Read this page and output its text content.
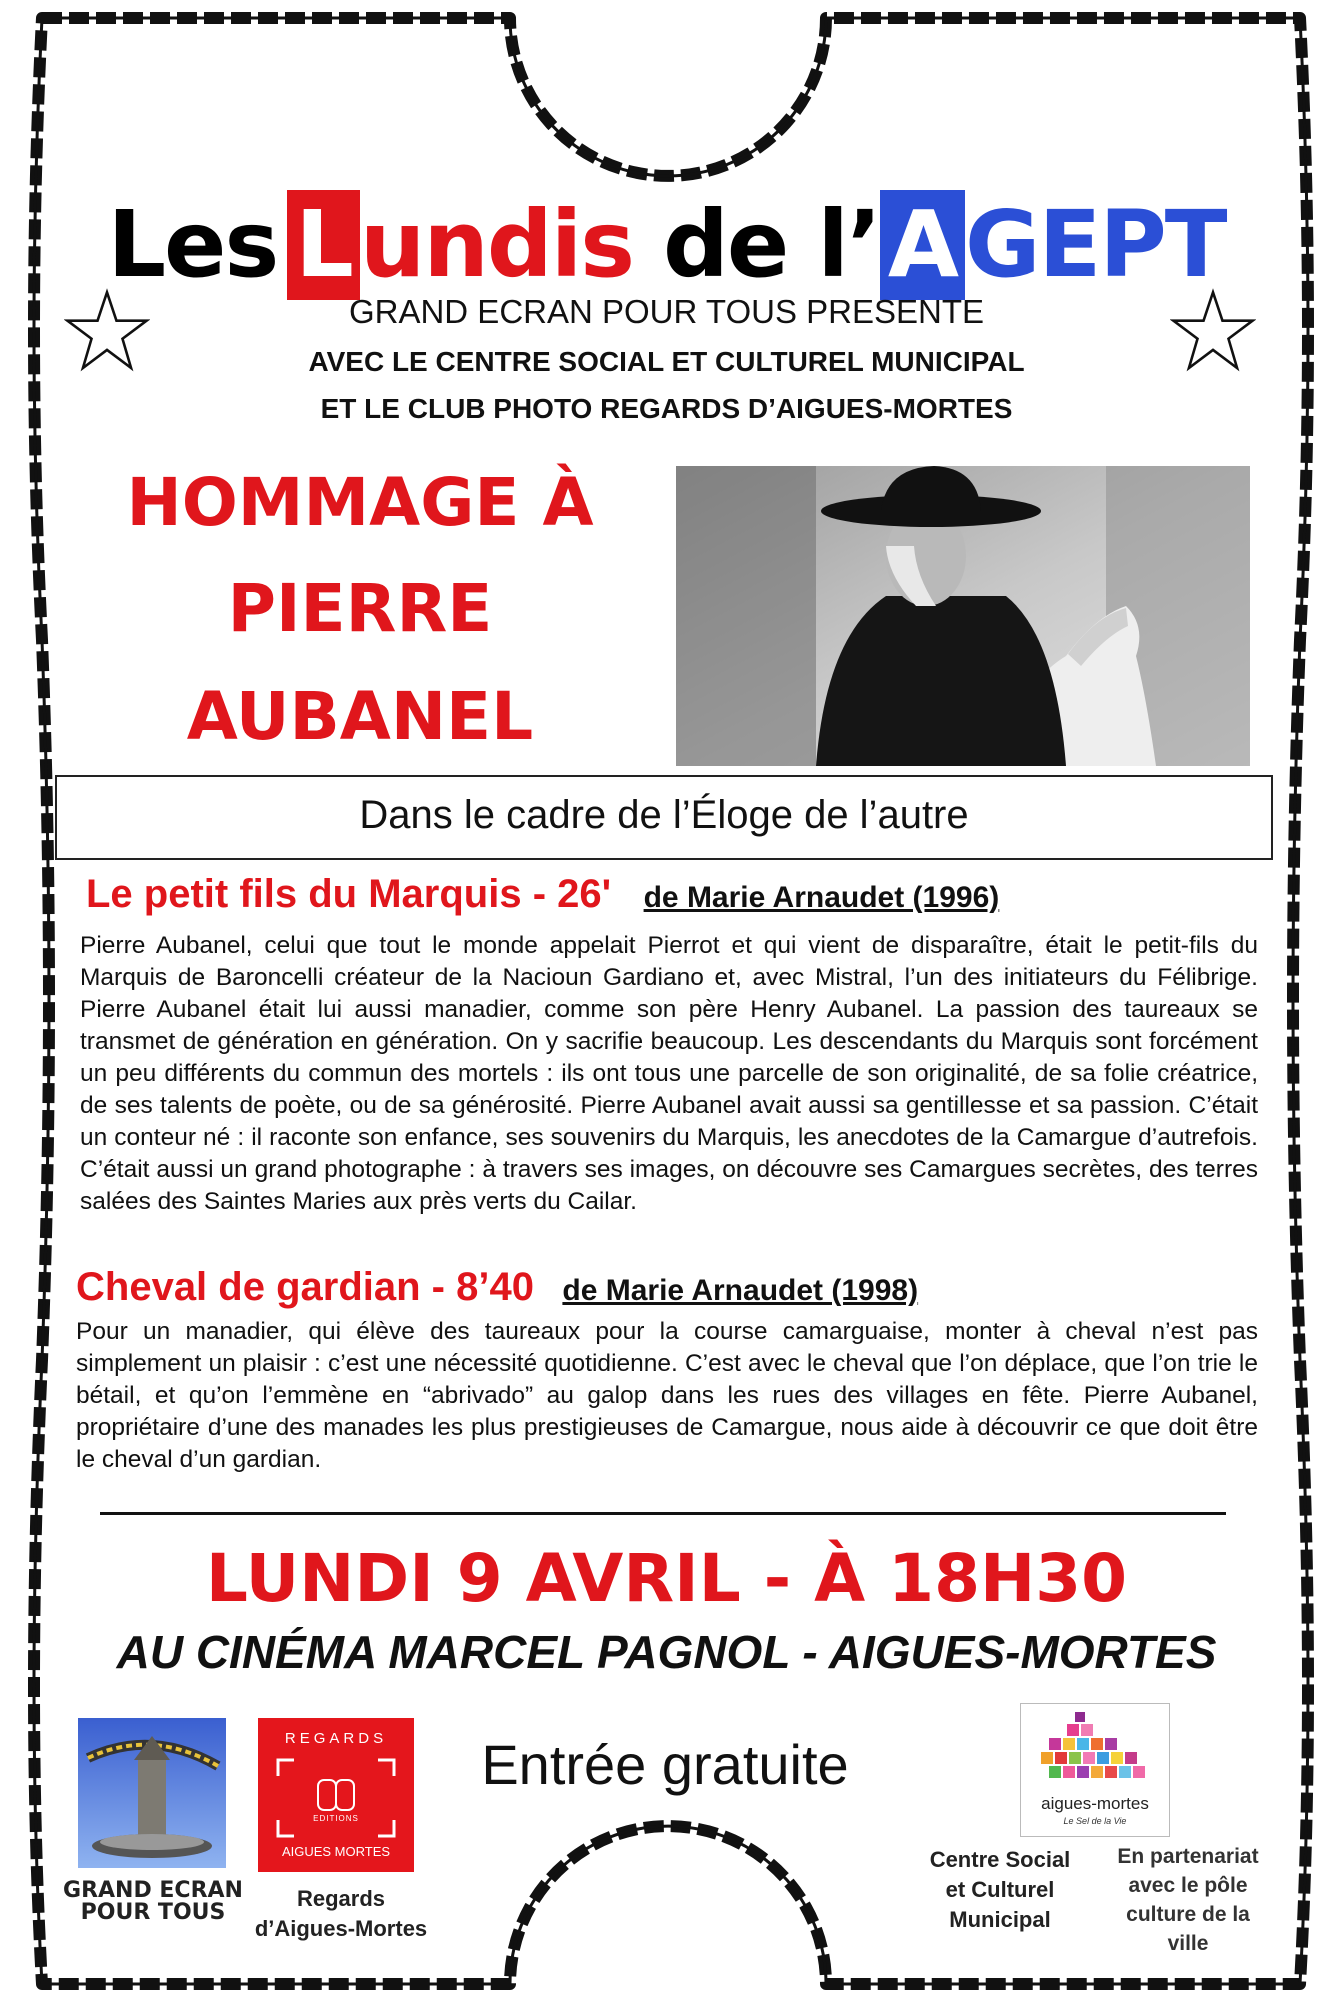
Les Lundis de l’AGEPT
GRAND ECRAN POUR TOUS PRESENTE
AVEC LE CENTRE SOCIAL ET CULTUREL MUNICIPAL
ET LE CLUB PHOTO REGARDS D’AIGUES-MORTES
HOMMAGE À
PIERRE
AUBANEL
Dans le cadre de l’Éloge de l’autre
Le petit fils du Marquis - 26' de Marie Arnaudet (1996)
Pierre Aubanel, celui que tout le monde appelait Pierrot et qui vient de disparaître, était le petit-fils du Marquis de Baroncelli créateur de la Nacioun Gardiano et, avec Mistral, l’un des initiateurs du Félibrige. Pierre Aubanel était lui aussi manadier, comme son père Henry Aubanel. La passion des taureaux se transmet de génération en génération. On y sacrifie beaucoup. Les descendants du Marquis sont forcément un peu différents du commun des mortels : ils ont tous une parcelle de son originalité, de sa folie créatrice, de ses talents de poète, ou de sa générosité. Pierre Aubanel avait aussi sa gentillesse et sa passion. C’était un conteur né : il raconte son enfance, ses souvenirs du Marquis, les anecdotes de la Camargue d’autrefois. C’était aussi un grand photographe : à travers ses images, on découvre ses Camargues secrètes, des terres salées des Saintes Maries aux près verts du Cailar.
Cheval de gardian - 8’40 de Marie Arnaudet (1998)
Pour un manadier, qui élève des taureaux pour la course camarguaise, monter à cheval n’est pas simplement un plaisir : c’est une nécessité quotidienne. C’est avec le cheval que l’on déplace, que l’on trie le bétail, et qu’on l’emmène en “abrivado” au galop dans les rues des villages en fête. Pierre Aubanel, propriétaire d’une des manades les plus prestigieuses de Camargue, nous aide à découvrir ce que doit être le cheval d’un gardian.
LUNDI 9 AVRIL - À 18H30
AU CINÉMA MARCEL PAGNOL - AIGUES-MORTES
Entrée gratuite
GRAND ECRAN
POUR TOUS
REGARDS
EDITIONS
AIGUES MORTES
Regards
d’Aigues-Mortes
aigues-mortes
Le Sel de la Vie
Centre Social
et Culturel
Municipal
En partenariat
avec le pôle
culture de la
ville
